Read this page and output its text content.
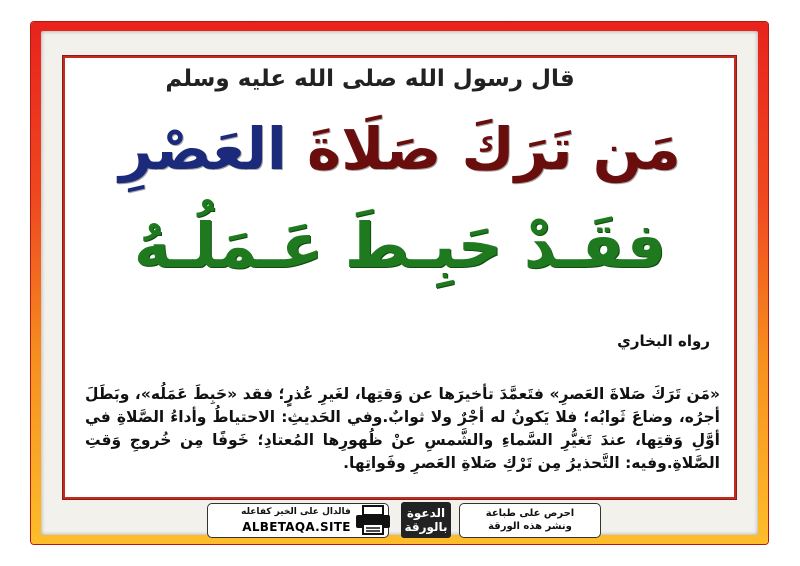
قال رسول الله صلى الله عليه وسلم
مَن تَرَكَ صَلَاةَ العَصْرِ
فقَـدْ حَبِـطَ عَـمَلُـهُ
رواه البخاري
«مَن تَرَكَ صَلاةَ العَصرِ» فتَعمَّدَ تأخيرَها عن وَقتِها، لغَيرِ عُذرٍ؛ فقد «حَبِطَ عَمَلُه»، وبَطَلَ أجرُه، وضاعَ ثَوابُه؛ فلا يَكونُ له أجْرٌ ولا ثوابٌ.وفي الحَديثِ: الاحتياطُ وأداءُ الصَّلاةِ في أوَّلِ وَقتِها، عندَ تَغيُّرِ السَّماءِ والشَّمسِ عنْ ظُهورِها المُعتادِ؛ خَوفًا مِن خُروجِ وَقتِ الصَّلاةِ.وفيه: التَّحذيرُ مِن تَرْكِ صَلاةِ العَصرِ وفَواتِها.
فالدال على الخير كفاعله
ALBETAQA.SITE
الدعوة بالورقة
احرص على طباعة
ونشر هذه الورقة
